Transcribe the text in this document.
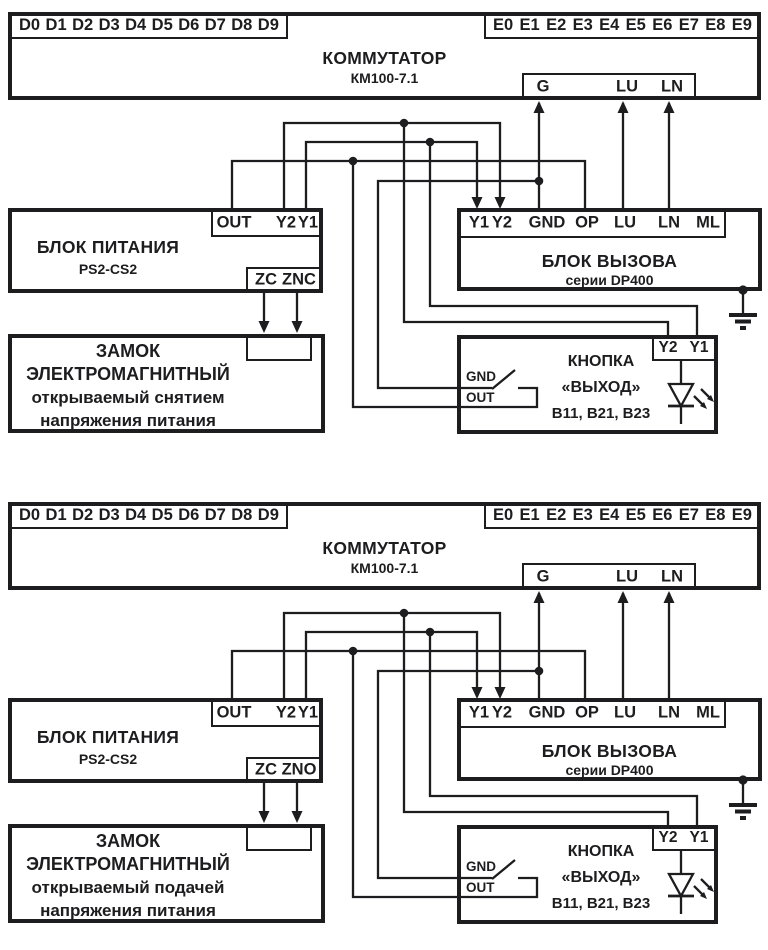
D0 D1 D2 D3 D4 D5 D6 D7 D8 D9	E0 E1 E2 E3 E4 E5 E6 E7 E8 E9
КОММУТАТОР
КМ100-7.1	G	LU LN
OUT Y2 Y1
БЛОК ПИТАНИЯ
PS2-CS2
ZC ZNC
Y1 Y2 GND OP LU LN ML
БЛОК ВЫЗОВА
серии DP400
ЗАМОК
ЭЛЕКТРОМАГНИТНЫЙ
открываемый снятием
напряжения питания
Y2 Y1
КНОПКА
«ВЫХОД»
В11, В21, В23
GND
OUT
D0 D1 D2 D3 D4 D5 D6 D7 D8 D9	E0 E1 E2 E3 E4 E5 E6 E7 E8 E9
КОММУТАТОР
КМ100-7.1	G	LU LN
OUT Y2 Y1
БЛОК ПИТАНИЯ
PS2-CS2
ZC ZNO
Y1 Y2 GND OP LU LN ML
БЛОК ВЫЗОВА
серии DP400
ЗАМОК
ЭЛЕКТРОМАГНИТНЫЙ
открываемый подачей
напряжения питания
Y2 Y1
КНОПКА
«ВЫХОД»
В11, В21, В23
GND
OUT
